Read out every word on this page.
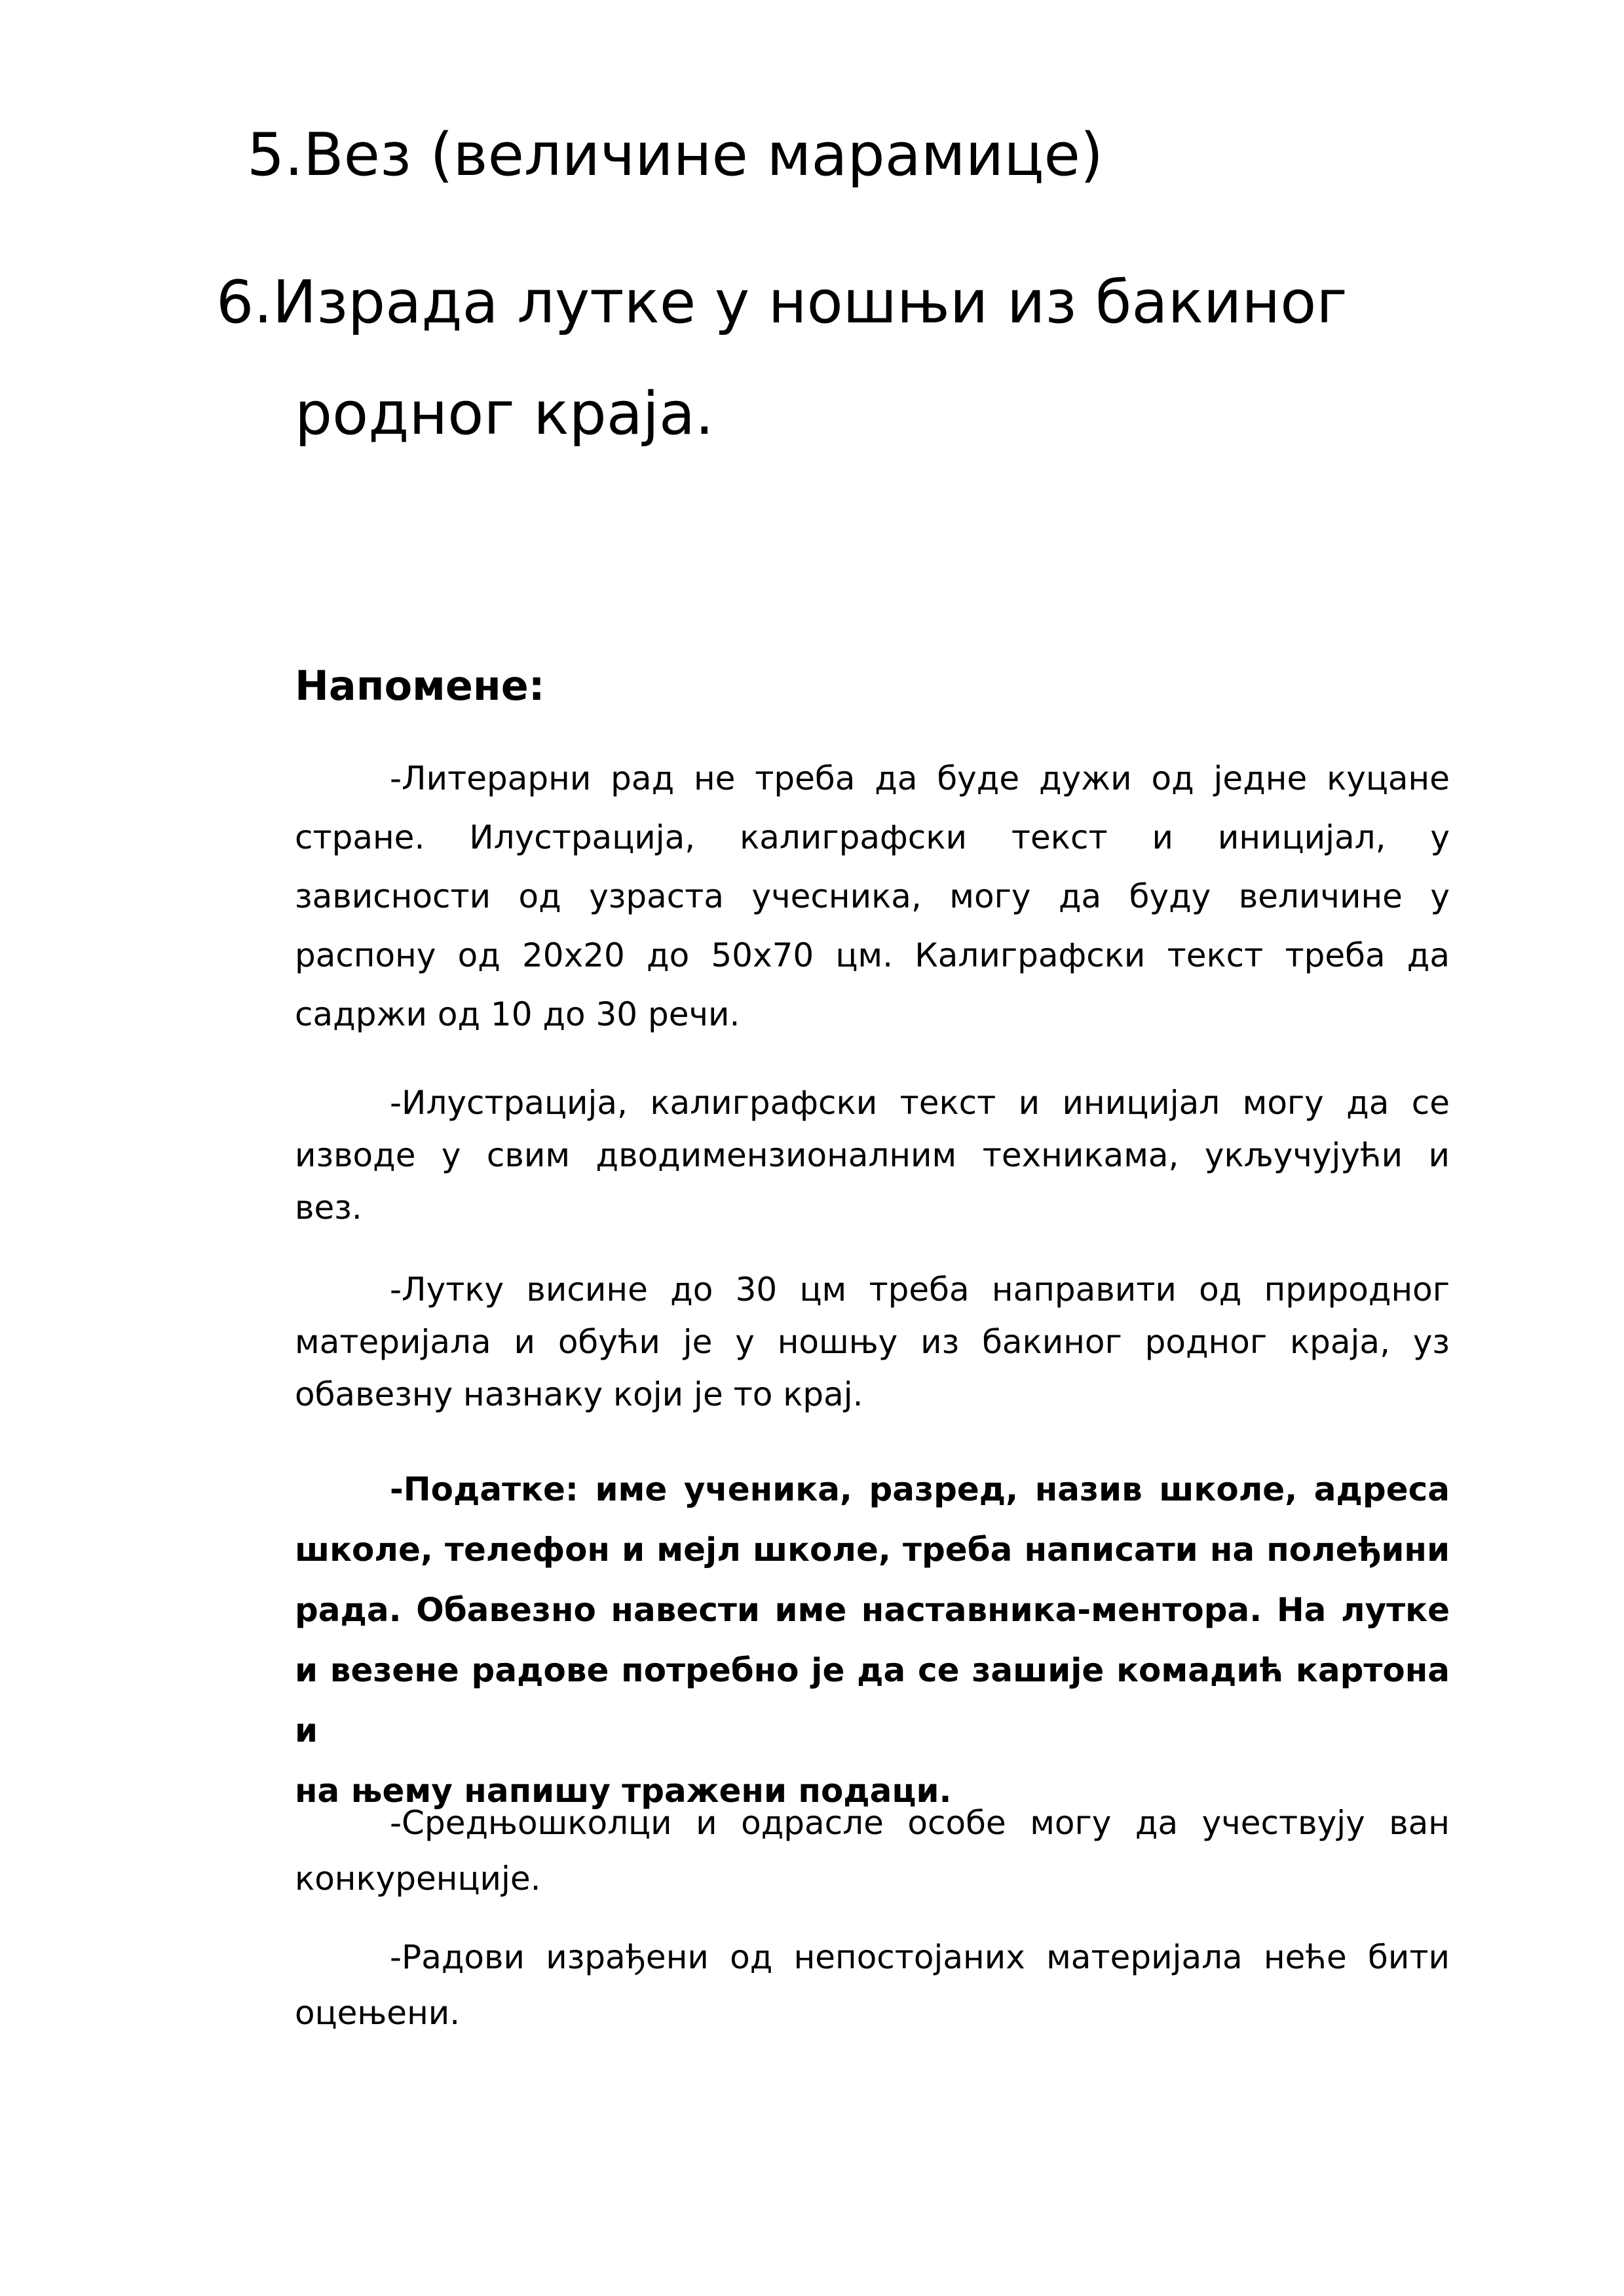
5.Вез (величине марамице)
6.Израда лутке у ношњи из бакиног
родног краја.
Напомене:
-Литерарни рад не треба да буде дужи од једне куцане
стране. Илустрација, калиграфски текст и иницијал, у
зависности од узраста учесника, могу да буду величине у
распону од 20х20 до 50х70 цм. Калиграфски текст треба да
садржи од 10 до 30 речи.
-Илустрација, калиграфски текст и иницијал могу да се
изводе у свим дводимензионалним техникама, укључујући и
вез.
-Лутку висине до 30 цм треба направити од природног
материјала и обући је у ношњу из бакиног родног краја, уз
обавезну назнаку који је то крај.
-Податке: име ученика, разред, назив школе, адреса
школе, телефон и мејл школе, треба написати на полеђини
рада. Обавезно навести име наставника-ментора. На лутке
и везене радове потребно је да се зашије комадић картона и
на њему напишу тражени подаци.
-Средњошколци и одрасле особе могу да учествују ван
конкуренције.
-Радови израђени од непостојаних материјала неће бити
оцењени.
